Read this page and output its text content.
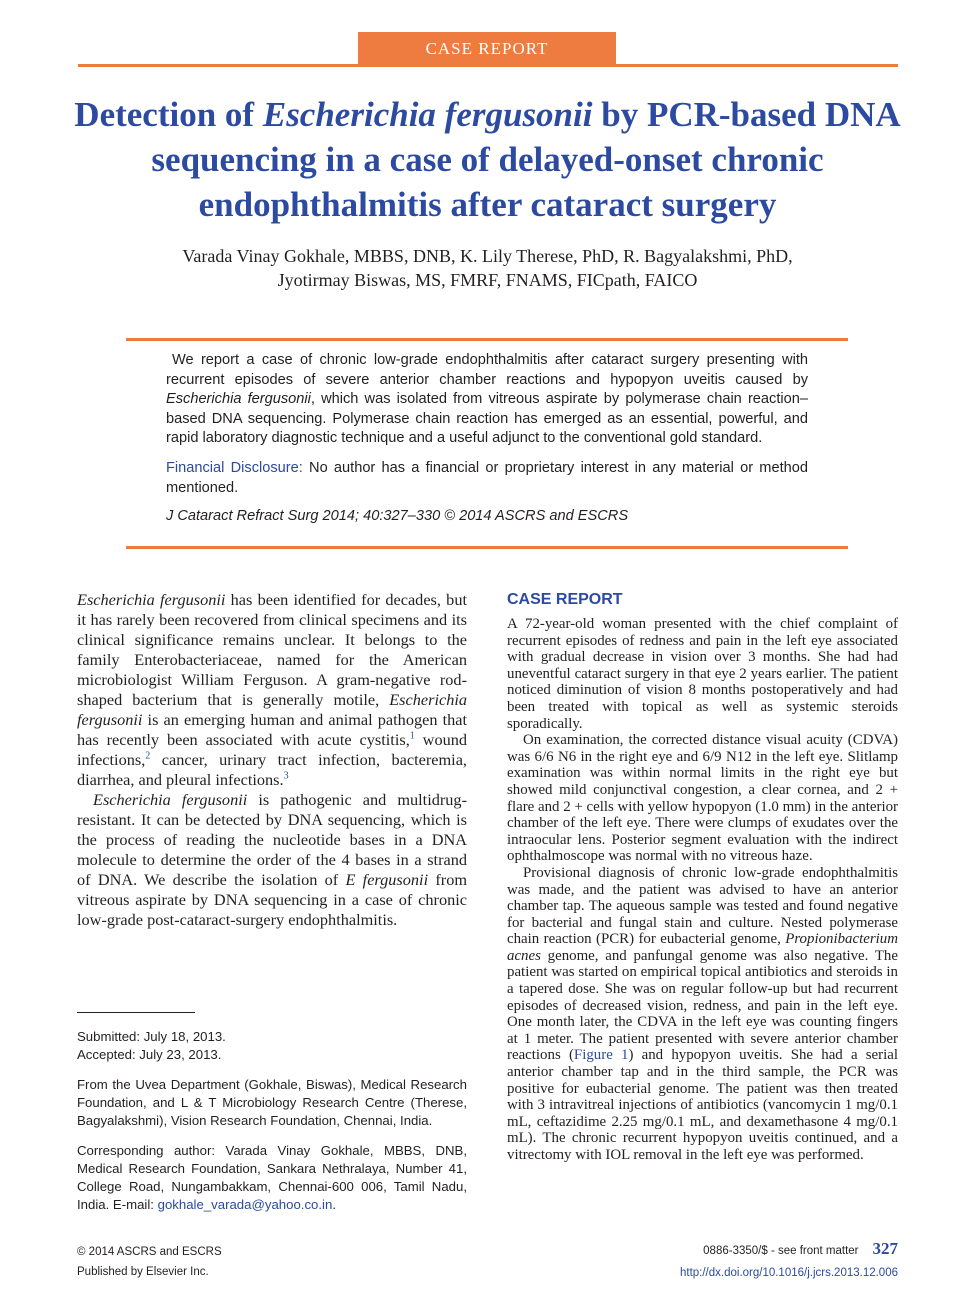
CASE REPORT
Detection of Escherichia fergusonii by PCR-based DNA sequencing in a case of delayed-onset chronic endophthalmitis after cataract surgery
Varada Vinay Gokhale, MBBS, DNB, K. Lily Therese, PhD, R. Bagyalakshmi, PhD,
Jyotirmay Biswas, MS, FMRF, FNAMS, FICpath, FAICO

We report a case of chronic low-grade endophthalmitis after cataract surgery presenting with recurrent episodes of severe anterior chamber reactions and hypopyon uveitis caused by Escherichia fergusonii, which was isolated from vitreous aspirate by polymerase chain reaction–based DNA sequencing. Polymerase chain reaction has emerged as an essential, powerful, and rapid laboratory diagnostic technique and a useful adjunct to the conventional gold standard.

Financial Disclosure: No author has a financial or proprietary interest in any material or method mentioned.

J Cataract Refract Surg 2014; 40:327–330 © 2014 ASCRS and ESCRS

Escherichia fergusonii has been identified for decades, but it has rarely been recovered from clinical specimens and its clinical significance remains unclear. It belongs to the family Enterobacteriaceae, named for the American microbiologist William Ferguson. A gram-negative rod-shaped bacterium that is generally motile, Escherichia fergusonii is an emerging human and animal pathogen that has recently been associated with acute cystitis,$^1$ wound infections,$^2$ cancer, urinary tract infection, bacteremia, diarrhea, and pleural infections.$^3$

Escherichia fergusonii is pathogenic and multidrug-resistant. It can be detected by DNA sequencing, which is the process of reading the nucleotide bases in a DNA molecule to determine the order of the 4 bases in a strand of DNA. We describe the isolation of E fergusonii from vitreous aspirate by DNA sequencing in a case of chronic low-grade post-cataract-surgery endophthalmitis.

Submitted: July 18, 2013.

Accepted: July 23, 2013.

From the Uvea Department (Gokhale, Biswas), Medical Research Foundation, and L & T Microbiology Research Centre (Therese, Bagyalakshmi), Vision Research Foundation, Chennai, India.

Corresponding author: Varada Vinay Gokhale, MBBS, DNB, Medical Research Foundation, Sankara Nethralaya, Number 41, College Road, Nungambakkam, Chennai-600 006, Tamil Nadu, India. E-mail: gokhale_varada@yahoo.co.in.

CASE REPORT

A 72-year-old woman presented with the chief complaint of recurrent episodes of redness and pain in the left eye associated with gradual decrease in vision over 3 months. She had had uneventful cataract surgery in that eye 2 years earlier. The patient noticed diminution of vision 8 months postoperatively and had been treated with topical as well as systemic steroids sporadically.

On examination, the corrected distance visual acuity (CDVA) was 6/6 N6 in the right eye and 6/9 N12 in the left eye. Slitlamp examination was within normal limits in the right eye but showed mild conjunctival congestion, a clear cornea, and 2 + flare and 2 + cells with yellow hypopyon (1.0 mm) in the anterior chamber of the left eye. There were clumps of exudates over the intraocular lens. Posterior segment evaluation with the indirect ophthalmoscope was normal with no vitreous haze.

Provisional diagnosis of chronic low-grade endophthalmitis was made, and the patient was advised to have an anterior chamber tap. The aqueous sample was tested and found negative for bacterial and fungal stain and culture. Nested polymerase chain reaction (PCR) for eubacterial genome, Propionibacterium acnes genome, and panfungal genome was also negative. The patient was started on empirical topical antibiotics and steroids in a tapered dose. She was on regular follow-up but had recurrent episodes of decreased vision, redness, and pain in the left eye. One month later, the CDVA in the left eye was counting fingers at 1 meter. The patient presented with severe anterior chamber reactions (Figure 1) and hypopyon uveitis. She had a serial anterior chamber tap and in the third sample, the PCR was positive for eubacterial genome. The patient was then treated with 3 intravitreal injections of antibiotics (vancomycin 1 mg/0.1 mL, ceftazidime 2.25 mg/0.1 mL, and dexamethasone 4 mg/0.1 mL). The chronic recurrent hypopyon uveitis continued, and a vitrectomy with IOL removal in the left eye was performed.

© 2014 ASCRS and ESCRS
Published by Elsevier Inc.
0886-3350/$ - see front matter 327
http://dx.doi.org/10.1016/j.jcrs.2013.12.006
